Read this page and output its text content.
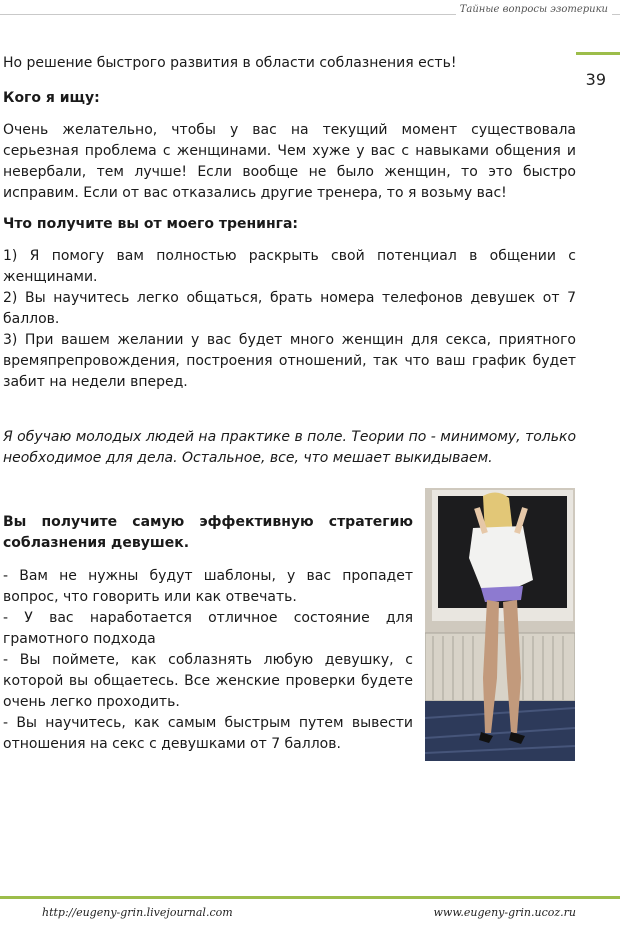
Тайные вопросы эзотерики
39

Но решение быстрого развития в области соблазнения есть!

Кого я ищу:

Очень желательно, чтобы у вас на текущий момент существовала серьезная проблема с женщинами. Чем хуже у вас с навыками общения и невербали, тем лучше! Если вообще не было женщин, то это быстро исправим. Если от вас отказались другие тренера, то я возьму вас!

Что получите вы от моего тренинга:

1) Я помогу вам полностью раскрыть свой потенциал в общении с женщинами.

2) Вы научитесь легко общаться, брать номера телефонов девушек от 7 баллов.

3) При вашем желании у вас будет много женщин для секса, приятного времяпрепровождения, построения отношений, так что ваш график будет забит на недели вперед.

Я обучаю молодых людей на практике в поле. Теории по - минимому, только необходимое для дела. Остальное, все, что мешает выкидываем.

Вы получите самую эффективную стратегию соблазнения девушек.

- Вам не нужны будут шаблоны, у вас пропадет вопрос, что говорить или как отвечать.

- У вас наработается отличное состояние для грамотного подхода

- Вы поймете, как соблазнять любую девушку, с которой вы общаетесь. Все женские проверки будете очень легко проходить.

- Вы научитесь, как самым быстрым путем вывести отношения на секс с девушками от 7 баллов.

http://eugeny-grin.livejournal.com	www.eugeny-grin.ucoz.ru
